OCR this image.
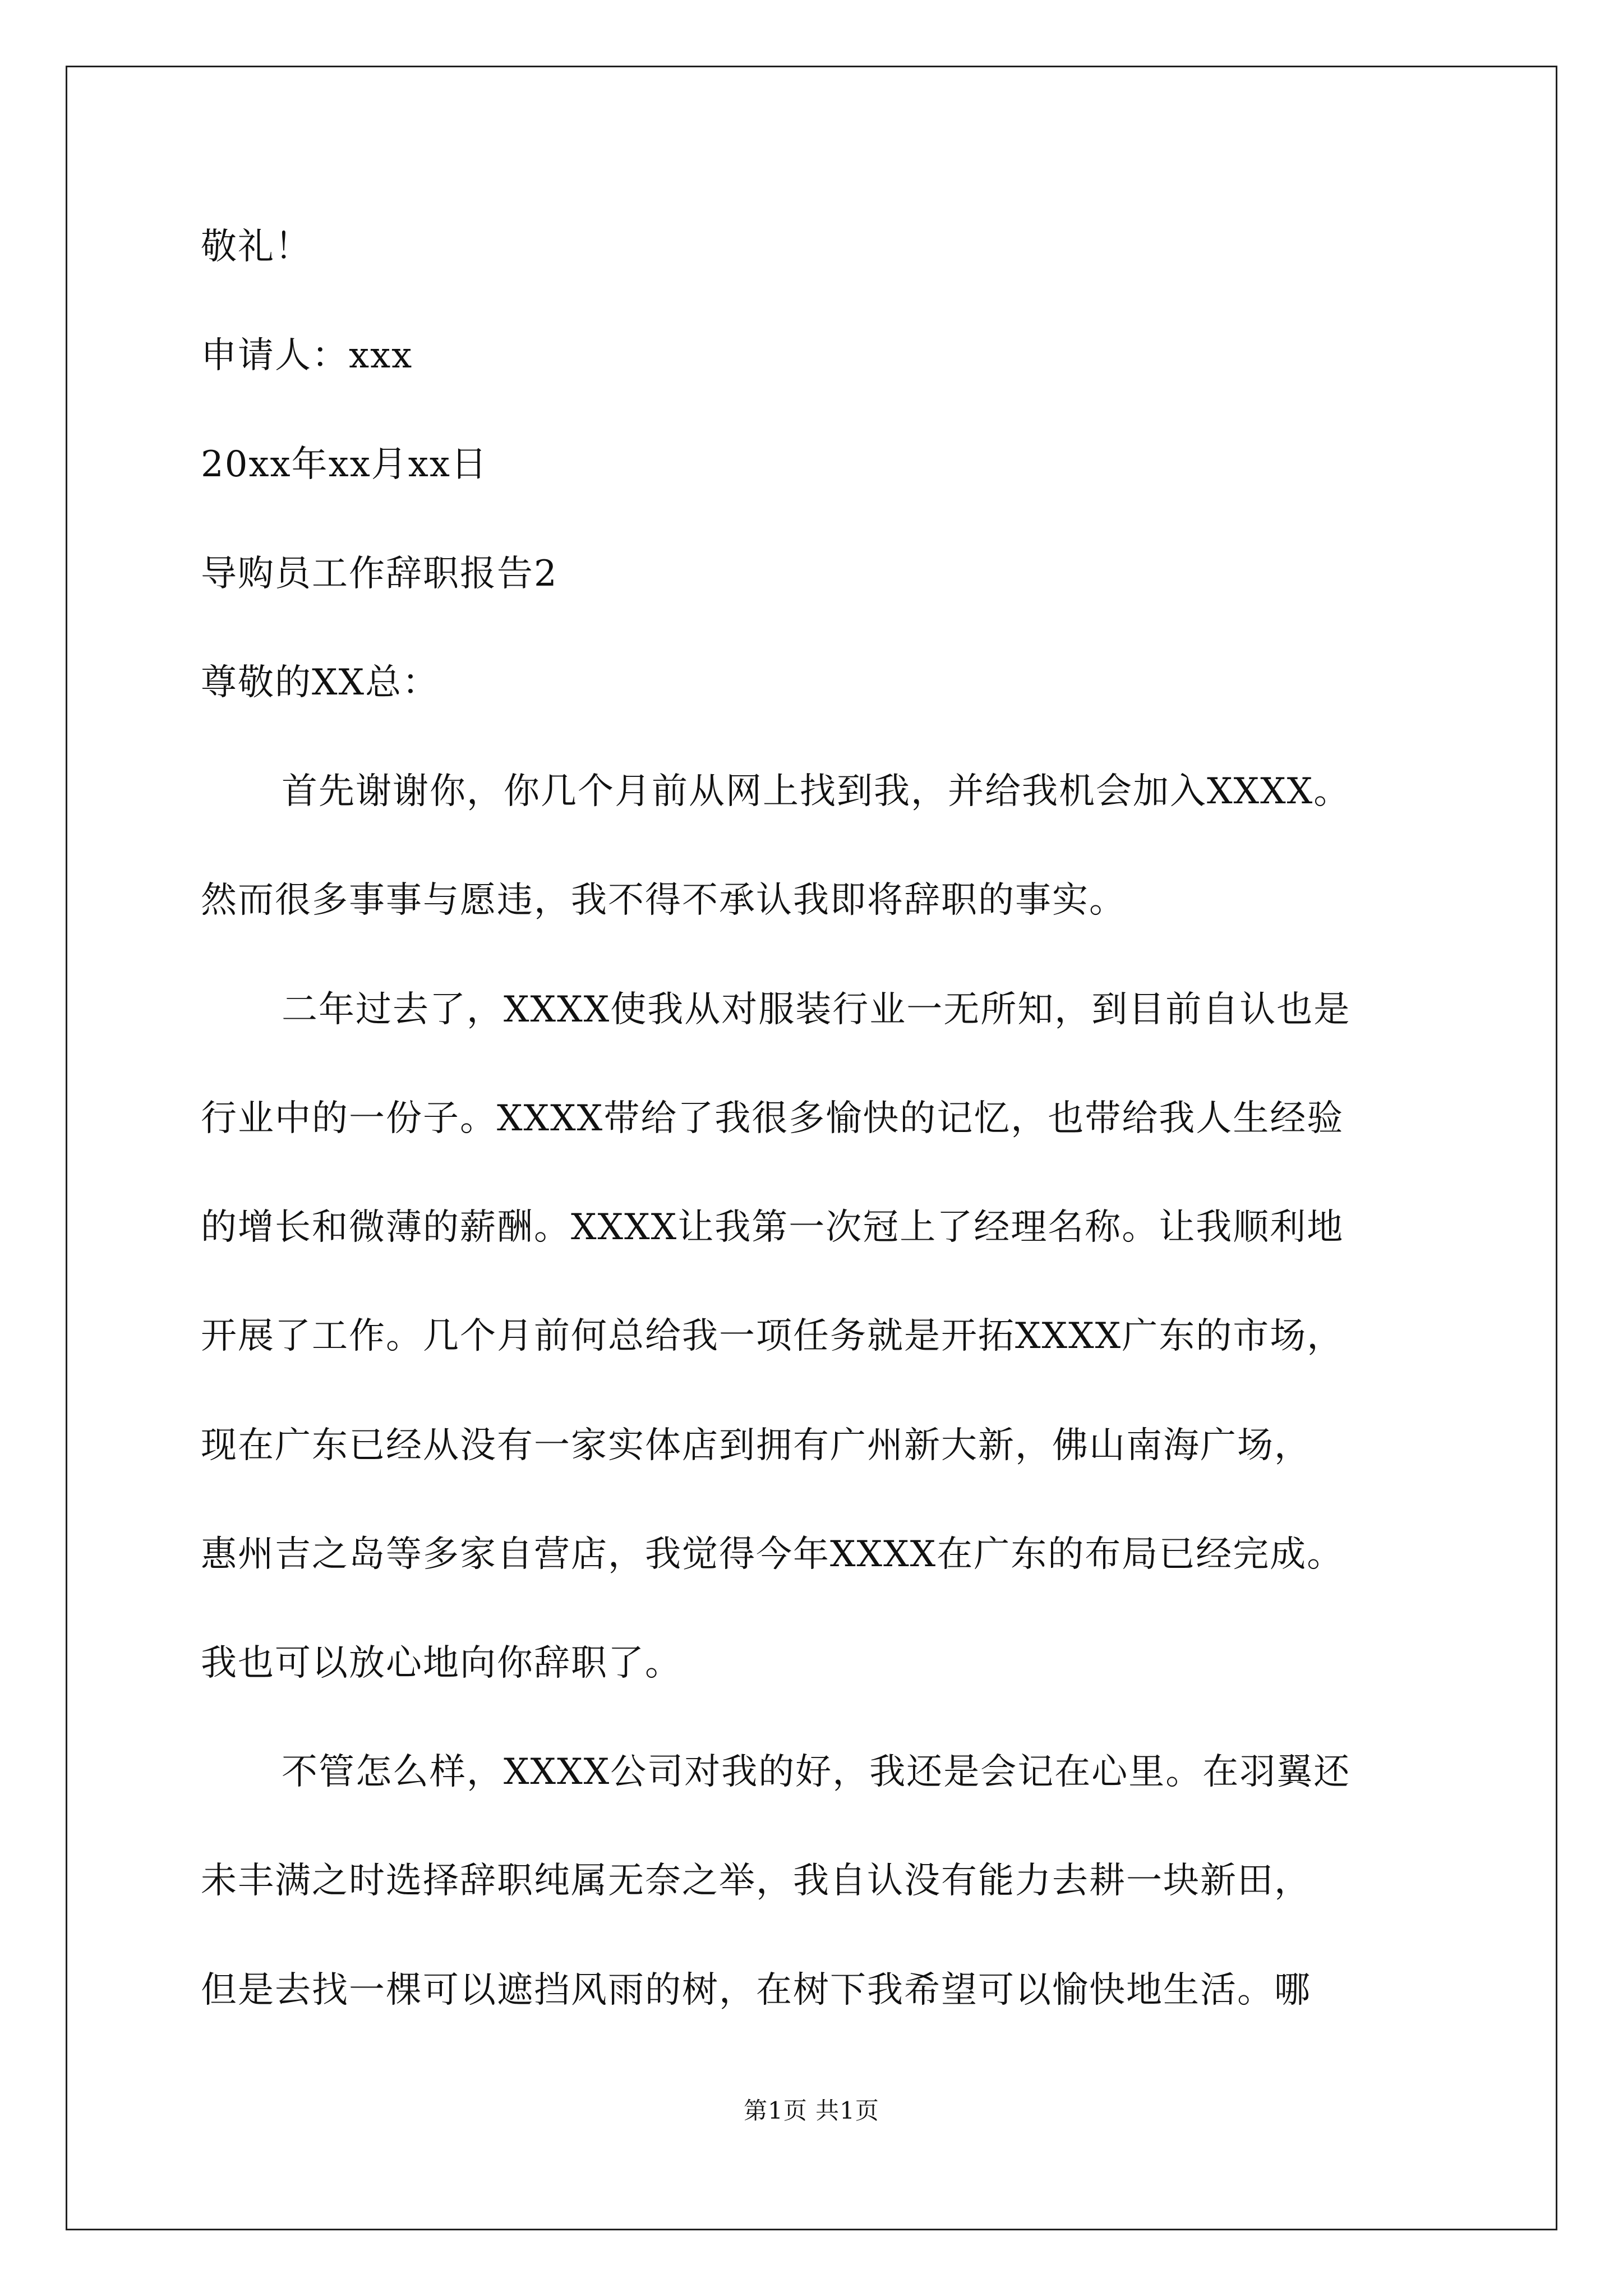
敬礼！

申请人：xxx

20xx年xx月xx日

导购员工作辞职报告2

尊敬的XX总：

首先谢谢你，你几个月前从网上找到我，并给我机会加入XXXX。

然而很多事事与愿违，我不得不承认我即将辞职的事实。

二年过去了，XXXX使我从对服装行业一无所知，到目前自认也是

行业中的一份子。XXXX带给了我很多愉快的记忆，也带给我人生经验

的增长和微薄的薪酬。XXXX让我第一次冠上了经理名称。让我顺利地

开展了工作。几个月前何总给我一项任务就是开拓XXXX广东的市场，

现在广东已经从没有一家实体店到拥有广州新大新，佛山南海广场，

惠州吉之岛等多家自营店，我觉得今年XXXX在广东的布局已经完成。

我也可以放心地向你辞职了。

不管怎么样，XXXX公司对我的好，我还是会记在心里。在羽翼还

未丰满之时选择辞职纯属无奈之举，我自认没有能力去耕一块新田，

但是去找一棵可以遮挡风雨的树，在树下我希望可以愉快地生活。哪

第1页 共1页
